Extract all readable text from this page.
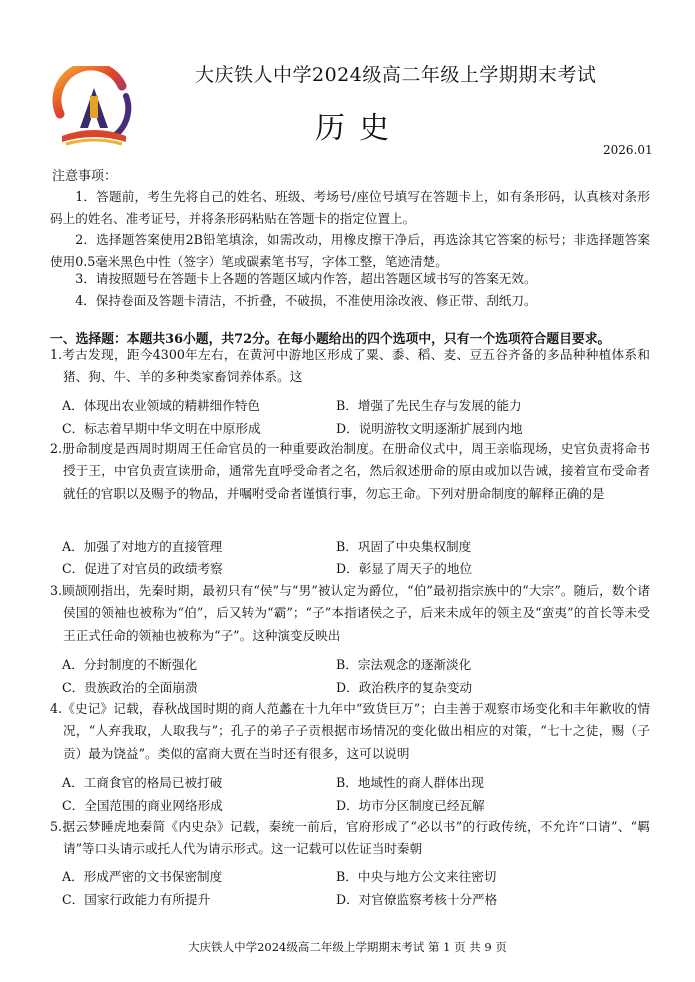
大庆铁人中学2024级高二年级上学期期末考试
历史
2026.01
注意事项：
1．答题前，考生先将自己的姓名、班级、考场号/座位号填写在答题卡上，如有条形码，认真核对条形码上的姓名、准考证号，并将条形码粘贴在答题卡的指定位置上。
2．选择题答案使用2B铅笔填涂，如需改动，用橡皮擦干净后，再选涂其它答案的标号；非选择题答案使用0.5毫米黑色中性（签字）笔或碳素笔书写，字体工整，笔迹清楚。
3．请按照题号在答题卡上各题的答题区域内作答，超出答题区域书写的答案无效。
4．保持卷面及答题卡清洁，不折叠，不破损，不准使用涂改液、修正带、刮纸刀。
一、选择题：本题共36小题，共72分。在每小题给出的四个选项中，只有一个选项符合题目要求。
1.考古发现，距今4300年左右，在黄河中游地区形成了粟、黍、稻、麦、豆五谷齐备的多品种种植体系和猪、狗、牛、羊的多种类家畜饲养体系。这
A．体现出农业领域的精耕细作特色	B．增强了先民生存与发展的能力
C．标志着早期中华文明在中原形成	D．说明游牧文明逐渐扩展到内地
2.册命制度是西周时期周王任命官员的一种重要政治制度。在册命仪式中，周王亲临现场，史官负责将命书授于王，中官负责宣读册命，通常先直呼受命者之名，然后叙述册命的原由或加以告诫，接着宣布受命者就任的官职以及赐予的物品，并嘱咐受命者谨慎行事，勿忘王命。下列对册命制度的解释正确的是
A．加强了对地方的直接管理	B．巩固了中央集权制度
C．促进了对官员的政绩考察	D．彰显了周天子的地位
3.顾颉刚指出，先秦时期，最初只有“侯”与“男”被认定为爵位，“伯”最初指宗族中的“大宗”。随后，数个诸侯国的领袖也被称为“伯”，后又转为“霸”；“子”本指诸侯之子，后来未成年的领主及“蛮夷”的首长等未受王正式任命的领袖也被称为“子”。这种演变反映出
A．分封制度的不断强化	B．宗法观念的逐渐淡化
C．贵族政治的全面崩溃	D．政治秩序的复杂变动
4.《史记》记载，春秋战国时期的商人范蠡在十九年中“致货巨万”；白圭善于观察市场变化和丰年歉收的情况，“人弃我取，人取我与”；孔子的弟子子贡根据市场情况的变化做出相应的对策，“七十之徒，赐（子贡）最为饶益”。类似的富商大贾在当时还有很多，这可以说明
A．工商食官的格局已被打破	B．地域性的商人群体出现
C．全国范围的商业网络形成	D．坊市分区制度已经瓦解
5.据云梦睡虎地秦简《内史杂》记载，秦统一前后，官府形成了“必以书”的行政传统，不允许“口请”、“羁请”等口头请示或托人代为请示形式。这一记载可以佐证当时秦朝
A．形成严密的文书保密制度	B．中央与地方公文来往密切
C．国家行政能力有所提升	D．对官僚监察考核十分严格
大庆铁人中学2024级高二年级上学期期末考试 第 1 页 共 9 页
